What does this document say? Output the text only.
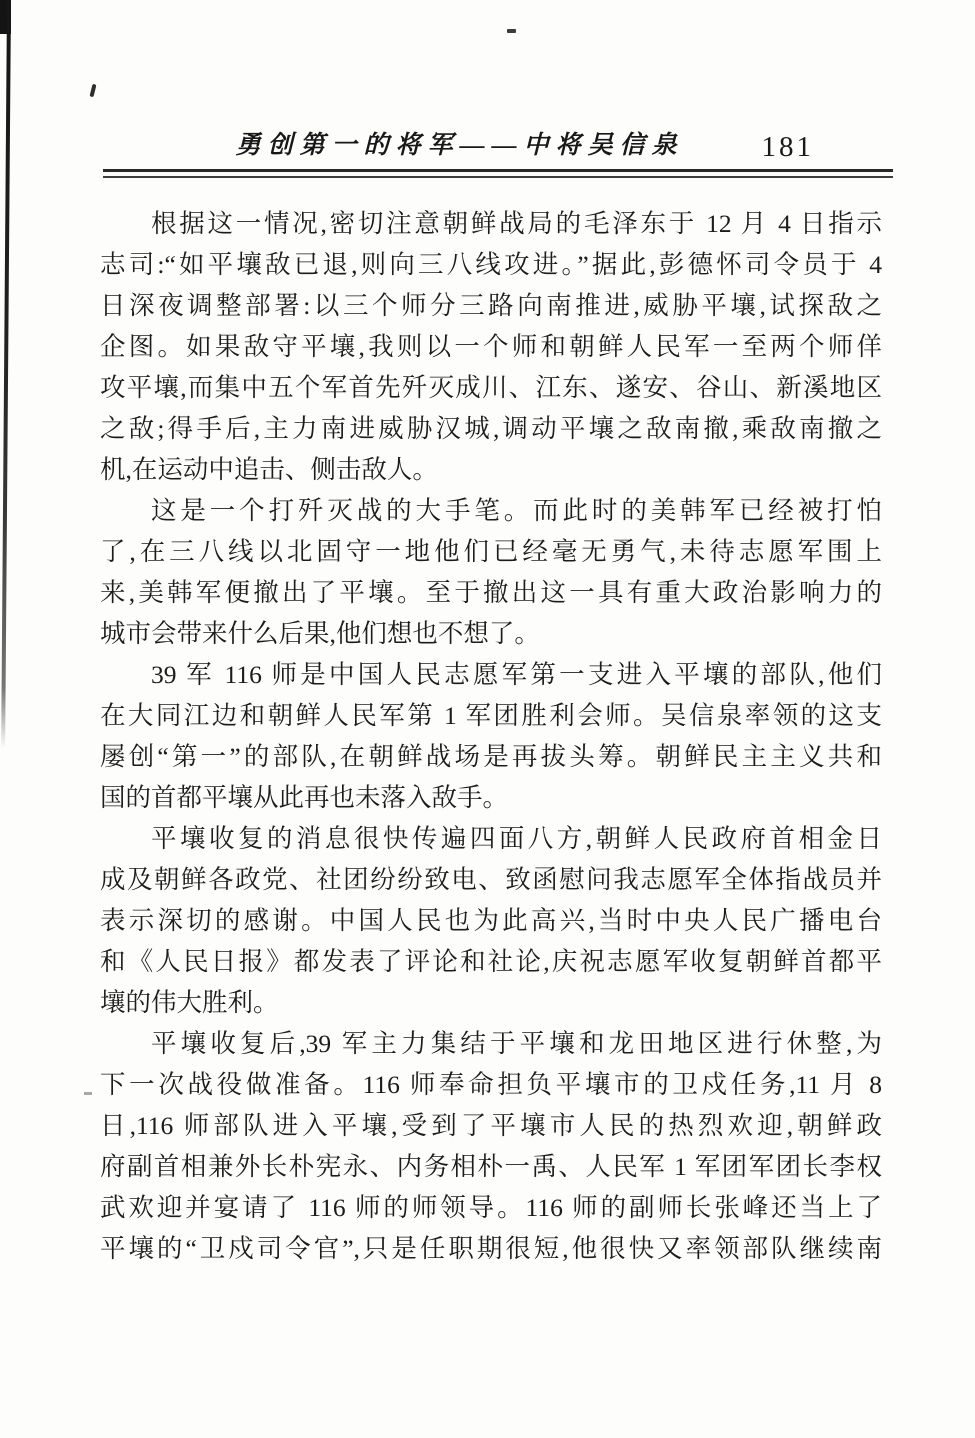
勇创第一的将军——中将吴信泉	181
根据这一情况,密切注意朝鲜战局的毛泽东于 12 月 4 日指示
志司:“如平壤敌已退,则向三八线攻进。”据此,彭德怀司令员于 4
日深夜调整部署:以三个师分三路向南推进,威胁平壤,试探敌之
企图。如果敌守平壤,我则以一个师和朝鲜人民军一至两个师佯
攻平壤,而集中五个军首先歼灭成川、江东、遂安、谷山、新溪地区
之敌;得手后,主力南进威胁汉城,调动平壤之敌南撤,乘敌南撤之
机,在运动中追击、侧击敌人。
这是一个打歼灭战的大手笔。而此时的美韩军已经被打怕
了,在三八线以北固守一地他们已经毫无勇气,未待志愿军围上
来,美韩军便撤出了平壤。至于撤出这一具有重大政治影响力的
城市会带来什么后果,他们想也不想了。
39 军 116 师是中国人民志愿军第一支进入平壤的部队,他们
在大同江边和朝鲜人民军第 1 军团胜利会师。吴信泉率领的这支
屡创“第一”的部队,在朝鲜战场是再拔头筹。朝鲜民主主义共和
国的首都平壤从此再也未落入敌手。
平壤收复的消息很快传遍四面八方,朝鲜人民政府首相金日
成及朝鲜各政党、社团纷纷致电、致函慰问我志愿军全体指战员并
表示深切的感谢。中国人民也为此高兴,当时中央人民广播电台
和《人民日报》都发表了评论和社论,庆祝志愿军收复朝鲜首都平
壤的伟大胜利。
平壤收复后,39 军主力集结于平壤和龙田地区进行休整,为
下一次战役做准备。116 师奉命担负平壤市的卫戍任务,11 月 8
日,116 师部队进入平壤,受到了平壤市人民的热烈欢迎,朝鲜政
府副首相兼外长朴宪永、内务相朴一禹、人民军 1 军团军团长李权
武欢迎并宴请了 116 师的师领导。116 师的副师长张峰还当上了
平壤的“卫戍司令官”,只是任职期很短,他很快又率领部队继续南
